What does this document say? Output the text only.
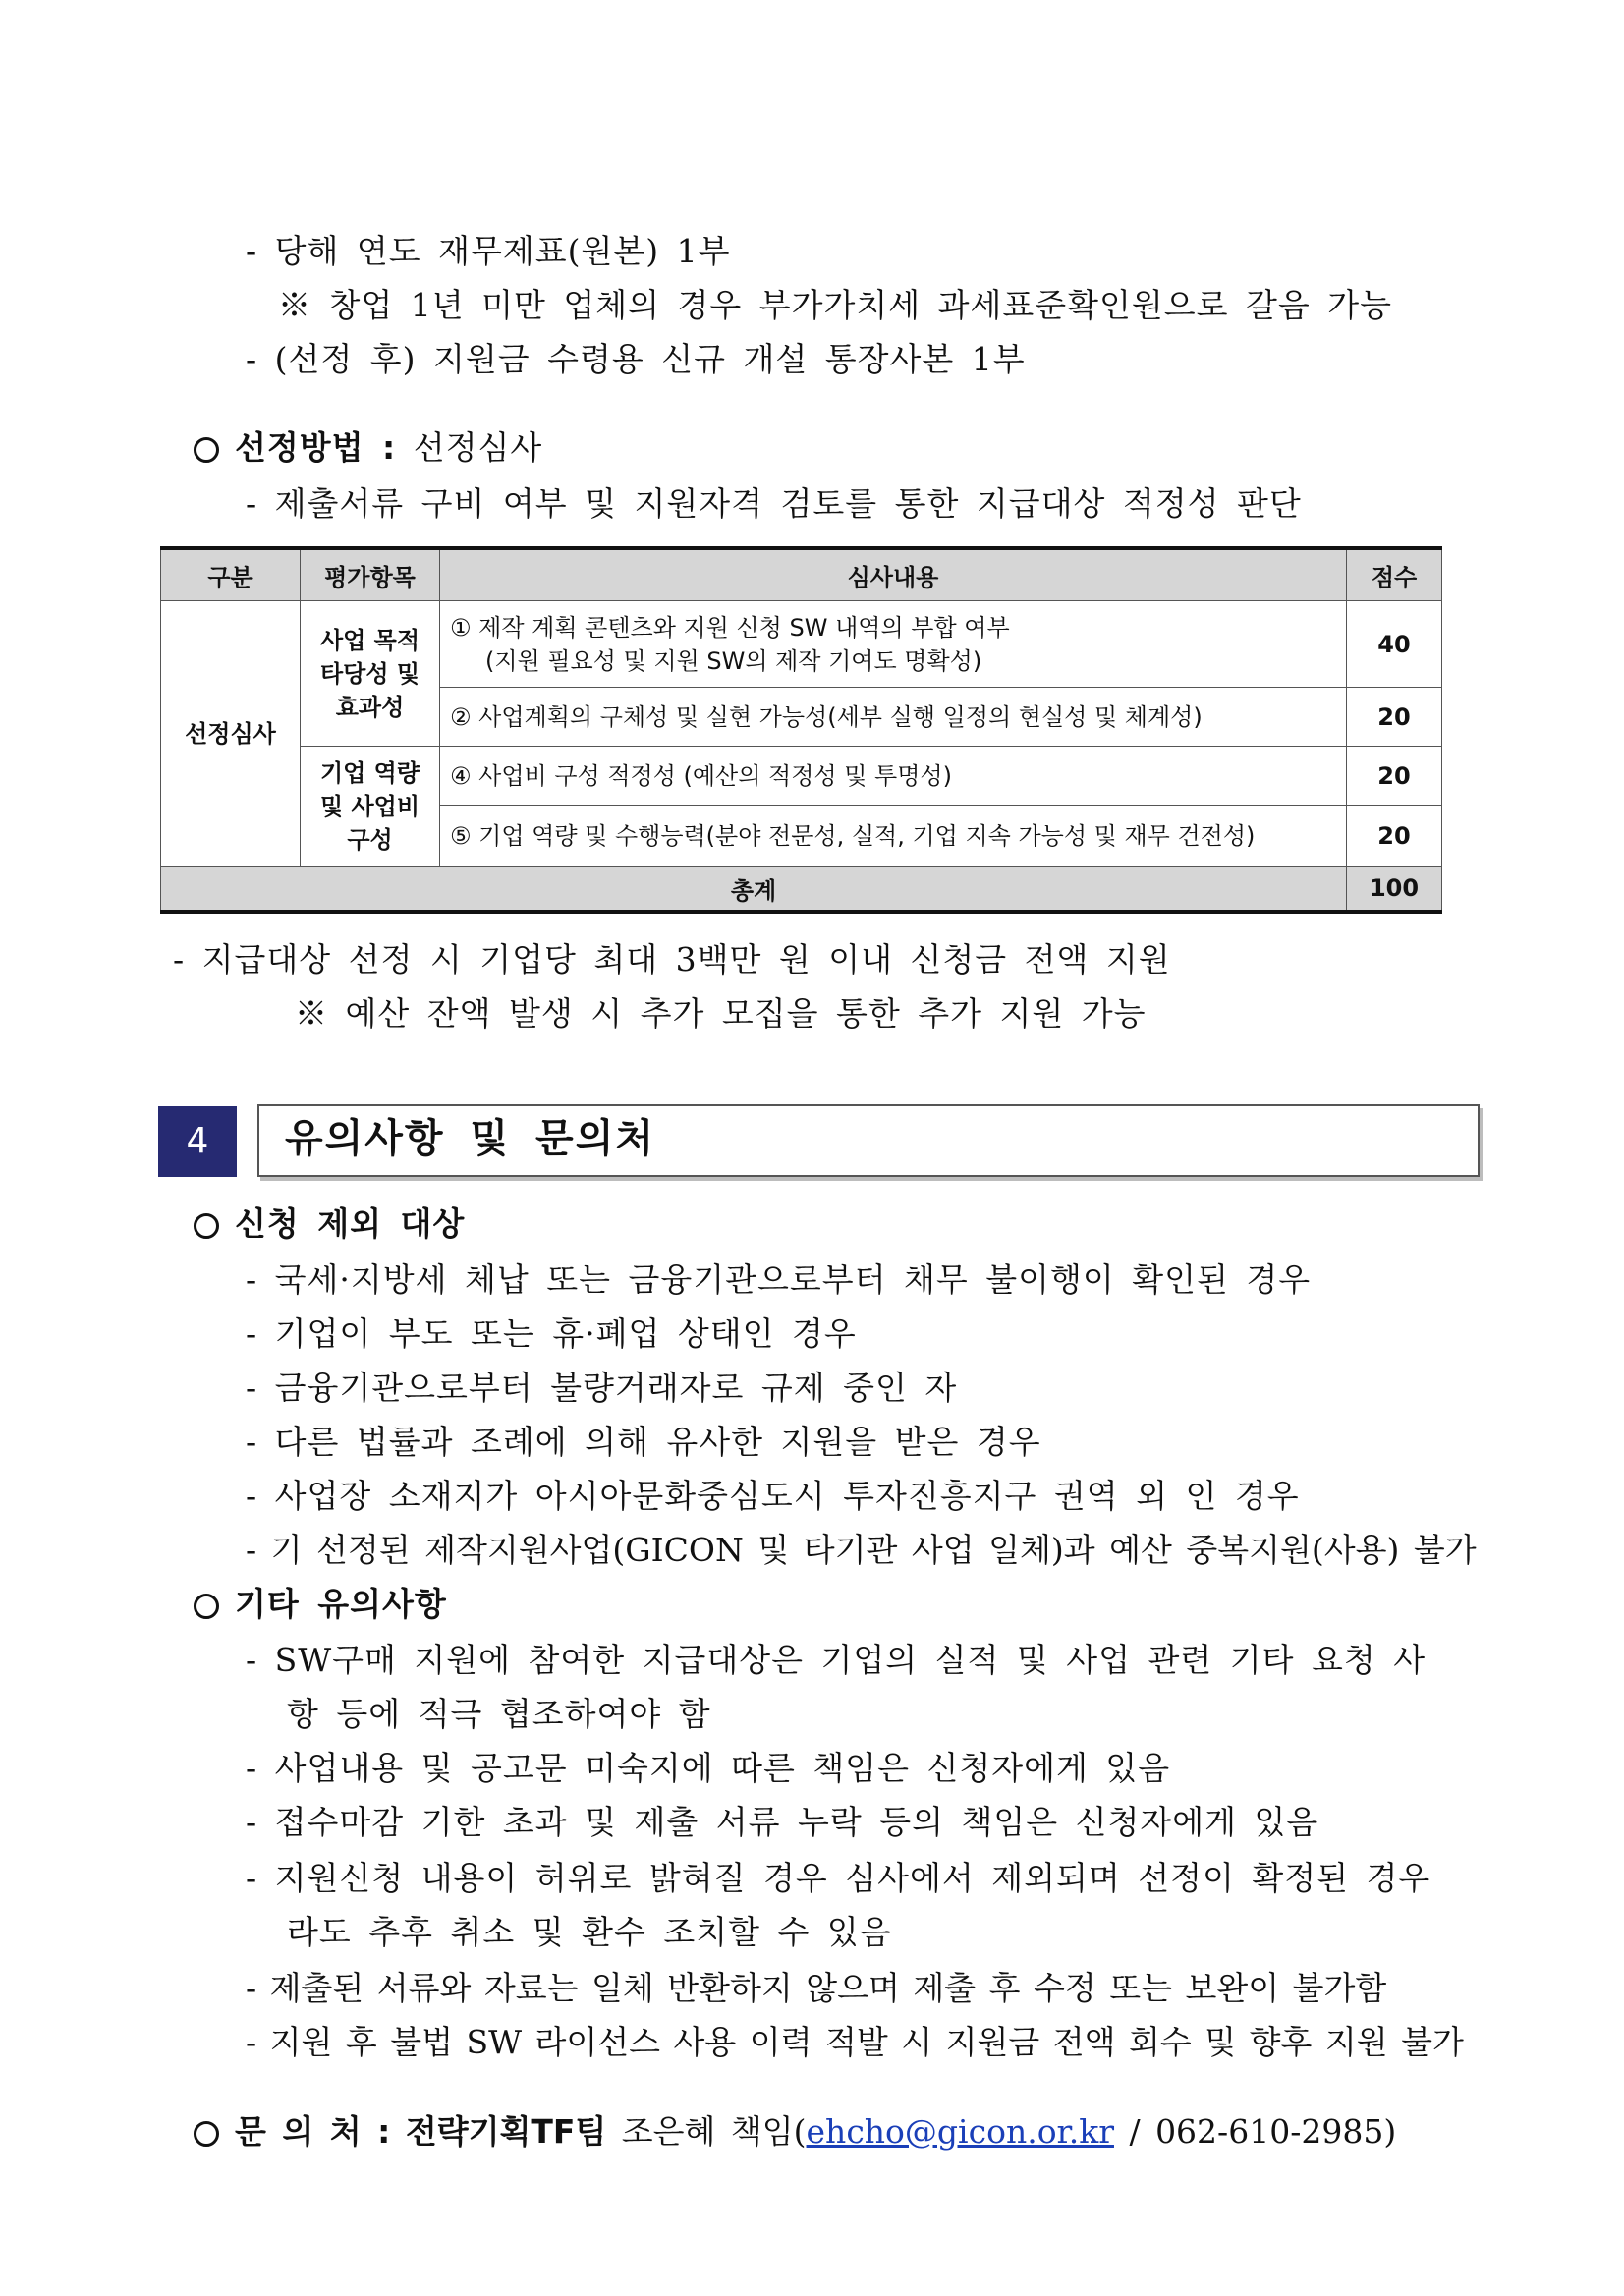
- 당해 연도 재무제표(원본) 1부
※ 창업 1년 미만 업체의 경우 부가가치세 과세표준확인원으로 갈음 가능
- (선정 후) 지원금 수령용 신규 개설 통장사본 1부
선정방법 : 선정심사
- 제출서류 구비 여부 및 지원자격 검토를 통한 지급대상 적정성 판단
구분	평가항목	심사내용	점수
선정심사	사업 목적 타당성 및 효과성	① 제작 계획 콘텐츠와 지원 신청 SW 내역의 부합 여부
(지원 필요성 및 지원 SW의 제작 기여도 명확성)	40
		② 사업계획의 구체성 및 실현 가능성(세부 실행 일정의 현실성 및 체계성)	20
	기업 역량 및 사업비 구성	④ 사업비 구성 적정성 (예산의 적정성 및 투명성)	20
		⑤ 기업 역량 및 수행능력(분야 전문성, 실적, 기업 지속 가능성 및 재무 건전성)	20
총계			100
- 지급대상 선정 시 기업당 최대 3백만 원 이내 신청금 전액 지원
※ 예산 잔액 발생 시 추가 모집을 통한 추가 지원 가능
4	유의사항 및 문의처
신청 제외 대상
- 국세·지방세 체납 또는 금융기관으로부터 채무 불이행이 확인된 경우
- 기업이 부도 또는 휴·폐업 상태인 경우
- 금융기관으로부터 불량거래자로 규제 중인 자
- 다른 법률과 조례에 의해 유사한 지원을 받은 경우
- 사업장 소재지가 아시아문화중심도시 투자진흥지구 권역 외 인 경우
- 기 선정된 제작지원사업(GICON 및 타기관 사업 일체)과 예산 중복지원(사용) 불가
기타 유의사항
- SW구매 지원에 참여한 지급대상은 기업의 실적 및 사업 관련 기타 요청 사
항 등에 적극 협조하여야 함
- 사업내용 및 공고문 미숙지에 따른 책임은 신청자에게 있음
- 접수마감 기한 초과 및 제출 서류 누락 등의 책임은 신청자에게 있음
- 지원신청 내용이 허위로 밝혀질 경우 심사에서 제외되며 선정이 확정된 경우
라도 추후 취소 및 환수 조치할 수 있음
- 제출된 서류와 자료는 일체 반환하지 않으며 제출 후 수정 또는 보완이 불가함
- 지원 후 불법 SW 라이선스 사용 이력 적발 시 지원금 전액 회수 및 향후 지원 불가
문 의 처 : 전략기획TF팀 조은혜 책임(ehcho@gicon.or.kr / 062-610-2985)
